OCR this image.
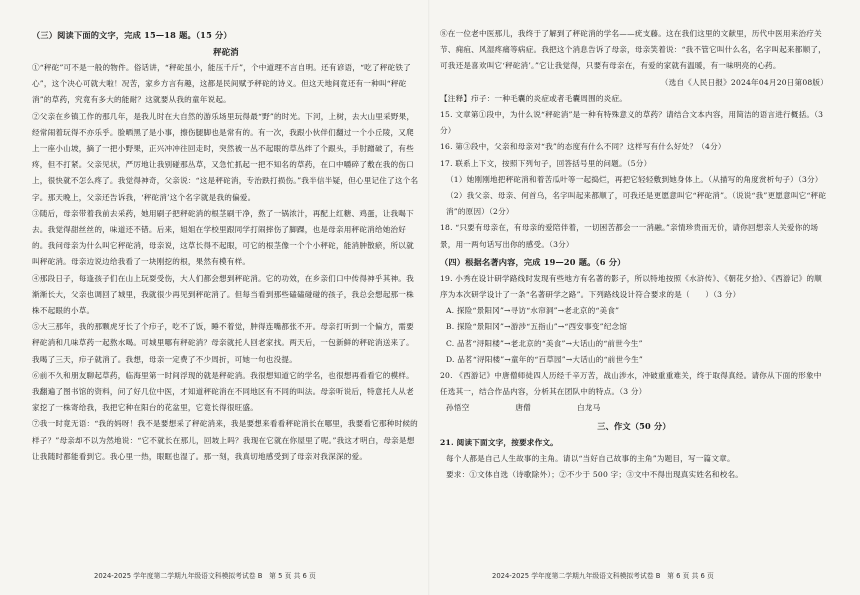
（三）阅读下面的文字，完成 15—18 题。（15 分）
秤砣消

①“秤砣”可不是一般的物件。俗话讲，“秤砣虽小，能压千斤”，个中道理不言自明。还有谚语，“吃了秤砣铁了心”，这个决心可就大啦！况苦，家乡方言有趣，这都是民间赋予秤砣的诗义。但这天地间竟还有一种叫“秤砣消”的草药，究竟有多大的能耐？这就要从我的童年说起。

②父亲在乡镇工作的那几年，是我儿时在大自然的游乐场里玩得最“野”的时光。下河，上树，去大山里采野果，经常闹着玩得不亦乐乎。脸晒黑了是小事，擦伤腿脚也是常有的。有一次，我跟小伙伴们翻过一个小丘陵，又爬上一座小山坡，摘了一把小野果，正兴冲冲往回走时，突然被一丛不起眼的草丛绊了个跟头，手肘蹭破了，有些疼，但不打紧。父亲见状，严厉地让我别碰那丛草，又急忙抓起一把不知名的草药，在口中嚼碎了敷在我的伤口上，很快就不怎么疼了。我觉得神奇，父亲说：“这是秤砣消，专治跌打损伤。”我半信半疑，但心里记住了这个名字。那天晚上，父亲还告诉我，‘秤砣消’这个名字就是我的偏爱。

③随后，母亲带着我前去采药，她用刷子把秤砣消的根茎刷干净，熬了一锅浓汁，再配上红糖、鸡蛋，让我喝下去。我觉得甜丝丝的，味道还不错。后来，姐姐在学校里跟同学打闹摔伤了脚踝，也是母亲用秤砣消给她治好的。我问母亲为什么叫它秤砣消，母亲说，这草长得不起眼，可它的根茎像一个个小秤砣，能消肿散瘀，所以就叫秤砣消。母亲边说边给我看了一块刚挖的根，果然有模有样。

④那段日子，每逢孩子们在山上玩耍受伤，大人们都会想到秤砣消。它的功效，在乡亲们口中传得神乎其神。我渐渐长大，父亲也调回了城里，我就很少再见到秤砣消了。但每当看到那些磕磕碰碰的孩子，我总会想起那一株株不起眼的小草。

⑤大三那年，我的那颗虎牙长了个疖子，吃不了饭，睡不着觉，肿得连嘴都张不开。母亲打听到一个偏方，需要秤砣消和几味草药一起熬水喝。可城里哪有秤砣消？母亲就托人回老家找。两天后，一包新鲜的秤砣消送来了。我喝了三天，疖子就消了。我想，母亲一定费了不少周折，可她一句也没提。

⑥前不久和朋友聊起草药，临海里第一时间浮现的就是秤砣消。我很想知道它的学名，也很想再看看它的模样。我翻遍了图书馆的资料，问了好几位中医，才知道秤砣消在不同地区有不同的叫法。母亲听说后，特意托人从老家挖了一株寄给我，我把它种在阳台的花盆里，它竟长得很旺盛。

⑦我一时竟无语：“我的妈呀！我不是要想采了秤砣消来，我是要想来看看秤砣消长在哪里，我要看它那种时候的样子？”母亲却不以为然地说：“它不就长在那儿，回坡上吗？我现在它就在你屋里了呢。”我这才明白，母亲是想让我随时都能看到它。我心里一热，眼眶也湿了。那一刻，我真切地感受到了母亲对我深深的爱。

⑧在一位老中医那儿，我终于了解到了秤砣消的学名——疣支藤。这在我们这里的文献里，历代中医用来治疗关节、痈疽、风湿疼痛等病症。我把这个消息告诉了母亲，母亲笑着说：“我不管它叫什么名，名字叫起来都顺了，可我还是喜欢叫它‘秤砣消’。”它让我觉得，只要有母亲在，有爱的家就有温暖，有一味明亮的心药。

（选自《人民日报》2024年04月20日第08版）
【注释】疖子：一种毛囊的炎症或者毛囊周围的炎症。
15. 文章第①段中，为什么说“秤砣消”是一种有特殊意义的草药？请结合文本内容，用简洁的语言进行概括。（3分）
16. 第③段中，父亲和母亲对“我”的态度有什么不同？这样写有什么好处？（4分）
17. 联系上下文，按照下列句子，回答括号里的问题。（5分）
（1）她刚刚地把秤砣消和着苦瓜叶等一起捣烂，再把它轻轻敷到她身体上。（从描写的角度赏析句子）（3分）
（2）我父亲、母亲、何首乌，名字叫起来都顺了，可我还是更愿意叫它“秤砣消”。（说说“我”更愿意叫它“秤砣消”的原因）（2分）
18. “只要有母亲在，有母亲的爱陪伴着，一切困苦都会一一消融。”亲情珍贵而无价，请你回想亲人关爱你的场景，用一两句话写出你的感受。（3分）
（四）根据名著内容，完成 19—20 题。（6 分）
19. 小秀在设计研学路线时发现有些地方有名著的影子，所以特地按照《水浒传》、《朝花夕拾》、《西游记》的顺序为本次研学设计了一条“名著研学之路”。下列路线设计符合要求的是（　　）（3 分）
A. 探险“景阳冈”→寻访“水帘洞”→老北京的“美食”
B. 探险“景阳冈”→游涉“五指山”→“西安事变”纪念馆
C. 品茗“浔阳楼”→老北京的“美食”→大话山的“前世今生”
D. 品茗“浔阳楼”→童年的“百草园”→大话山的“前世今生”
20. 《西游记》中唐僧师徒四人历经千辛万苦，战山涉水，冲破重重难关，终于取得真经。请你从下面的形象中任选其一，结合作品内容，分析其在团队中的特点。（3 分）
孙悟空	唐僧	白龙马
三、作文（50 分）
21. 阅读下面文字，按要求作文。
每个人都是自己人生故事的主角。请以“当好自己故事的主角”为题目，写一篇文章。
要求：①文体自选（诗歌除外）；②不少于 500 字；③文中不得出现真实姓名和校名。
2024-2025 学年度第二学期九年级语文科模拟考试卷 B　第 5 页 共 6 页	2024-2025 学年度第二学期九年级语文科模拟考试卷 B　第 6 页 共 6 页
